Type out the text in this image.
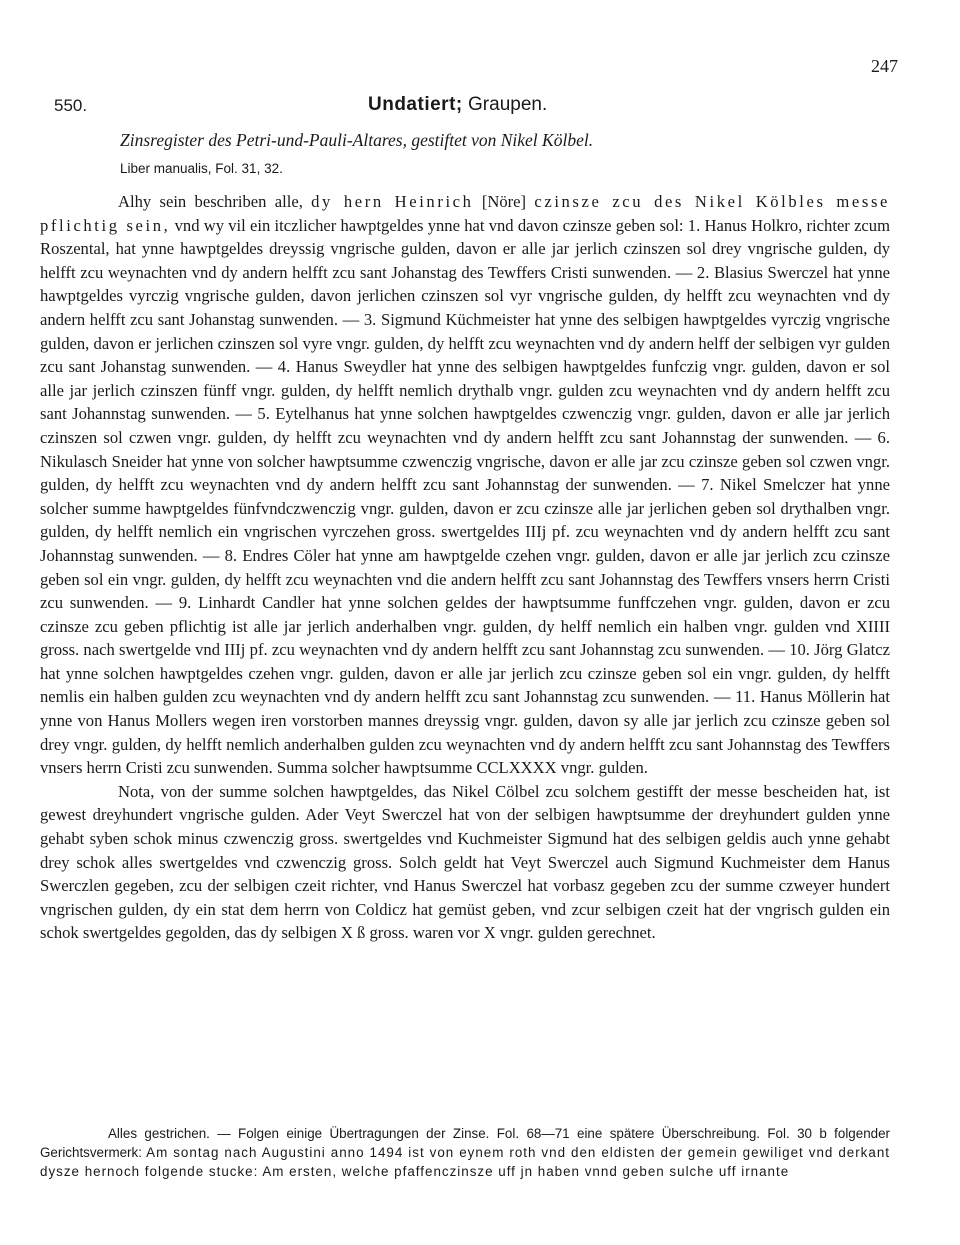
247
550.	Undatiert; Graupen.
Zinsregister des Petri-und-Pauli-Altares, gestiftet von Nikel Kölbel.
Liber manualis, Fol. 31, 32.

Alhy sein beschriben alle, dy hern Heinrich [Nöre] czinsze zcu des Nikel Kölbles messe pflichtig sein, vnd wy vil ein itczlicher hawptgeldes ynne hat vnd davon czinsze geben sol: 1. Hanus Holkro, richter zcum Roszental, hat ynne hawptgeldes dreyssig vngrische gulden, davon er alle jar jerlich czinszen sol drey vngrische gulden, dy helfft zcu weynachten vnd dy andern helfft zcu sant Johanstag des Tewffers Cristi sunwenden. — 2. Blasius Swerczel hat ynne hawptgeldes vyrczig vngrische gulden, davon jerlichen czinszen sol vyr vngrische gulden, dy helfft zcu weynachten vnd dy andern helfft zcu sant Johanstag sunwenden. — 3. Sigmund Küchmeister hat ynne des selbigen hawptgeldes vyrczig vngrische gulden, davon er jerlichen czinszen sol vyre vngr. gulden, dy helfft zcu weynachten vnd dy andern helff der selbigen vyr gulden zcu sant Johanstag sunwenden. — 4. Hanus Sweydler hat ynne des selbigen hawptgeldes funfczig vngr. gulden, davon er sol alle jar jerlich czinszen fünff vngr. gulden, dy helfft nemlich drythalb vngr. gulden zcu weynachten vnd dy andern helfft zcu sant Johannstag sunwenden. — 5. Eytelhanus hat ynne solchen hawptgeldes czwenczig vngr. gulden, davon er alle jar jerlich czinszen sol czwen vngr. gulden, dy helfft zcu weynachten vnd dy andern helfft zcu sant Johannstag der sunwenden. — 6. Nikulasch Sneider hat ynne von solcher hawptsumme czwenczig vngrische, davon er alle jar zcu czinsze geben sol czwen vngr. gulden, dy helfft zcu weynachten vnd dy andern helfft zcu sant Johannstag der sunwenden. — 7. Nikel Smelczer hat ynne solcher summe hawptgeldes fünfvndczwenczig vngr. gulden, davon er zcu czinsze alle jar jerlichen geben sol drythalben vngr. gulden, dy helfft nemlich ein vngrischen vyrczehen gross. swertgeldes IIIj pf. zcu weynachten vnd dy andern helfft zcu sant Johannstag sunwenden. — 8. Endres Cöler hat ynne am hawptgelde czehen vngr. gulden, davon er alle jar jerlich zcu czinsze geben sol ein vngr. gulden, dy helfft zcu weynachten vnd die andern helfft zcu sant Johannstag des Tewffers vnsers herrn Cristi zcu sunwenden. — 9. Linhardt Candler hat ynne solchen geldes der hawptsumme funffczehen vngr. gulden, davon er zcu czinsze zcu geben pflichtig ist alle jar jerlich anderhalben vngr. gulden, dy helff nemlich ein halben vngr. gulden vnd XIIII gross. nach swertgelde vnd IIIj pf. zcu weynachten vnd dy andern helfft zcu sant Johannstag zcu sunwenden. — 10. Jörg Glatcz hat ynne solchen hawptgeldes czehen vngr. gulden, davon er alle jar jerlich zcu czinsze geben sol ein vngr. gulden, dy helfft nemlis ein halben gulden zcu weynachten vnd dy andern helfft zcu sant Johannstag zcu sunwenden. — 11. Hanus Möllerin hat ynne von Hanus Mollers wegen iren vorstorben mannes dreyssig vngr. gulden, davon sy alle jar jerlich zcu czinsze geben sol drey vngr. gulden, dy helfft nemlich anderhalben gulden zcu weynachten vnd dy andern helfft zcu sant Johannstag des Tewffers vnsers herrn Cristi zcu sunwenden. Summa solcher hawptsumme CCLXXXX vngr. gulden.

Nota, von der summe solchen hawptgeldes, das Nikel Cölbel zcu solchem gestifft der messe bescheiden hat, ist gewest dreyhundert vngrische gulden. Ader Veyt Swerczel hat von der selbigen hawptsumme der dreyhundert gulden ynne gehabt syben schok minus czwenczig gross. swertgeldes vnd Kuchmeister Sigmund hat des selbigen geldis auch ynne gehabt drey schok alles swertgeldes vnd czwenczig gross. Solch geldt hat Veyt Swerczel auch Sigmund Kuchmeister dem Hanus Swerczlen gegeben, zcu der selbigen czeit richter, vnd Hanus Swerczel hat vorbasz gegeben zcu der summe czweyer hundert vngrischen gulden, dy ein stat dem herrn von Coldicz hat gemüst geben, vnd zcur selbigen czeit hat der vngrisch gulden ein schok swertgeldes gegolden, das dy selbigen X ß gross. waren vor X vngr. gulden gerechnet.

Alles gestrichen. — Folgen einige Übertragungen der Zinse. Fol. 68—71 eine spätere Überschreibung. Fol. 30 b folgender Gerichtsvermerk: Am sontag nach Augustini anno 1494 ist von eynem roth vnd den eldisten der gemein gewiliget vnd derkant dysze hernoch folgende stucke: Am ersten, welche pfaffenczinsze uff jn haben vnnd geben sulche uff irnante
